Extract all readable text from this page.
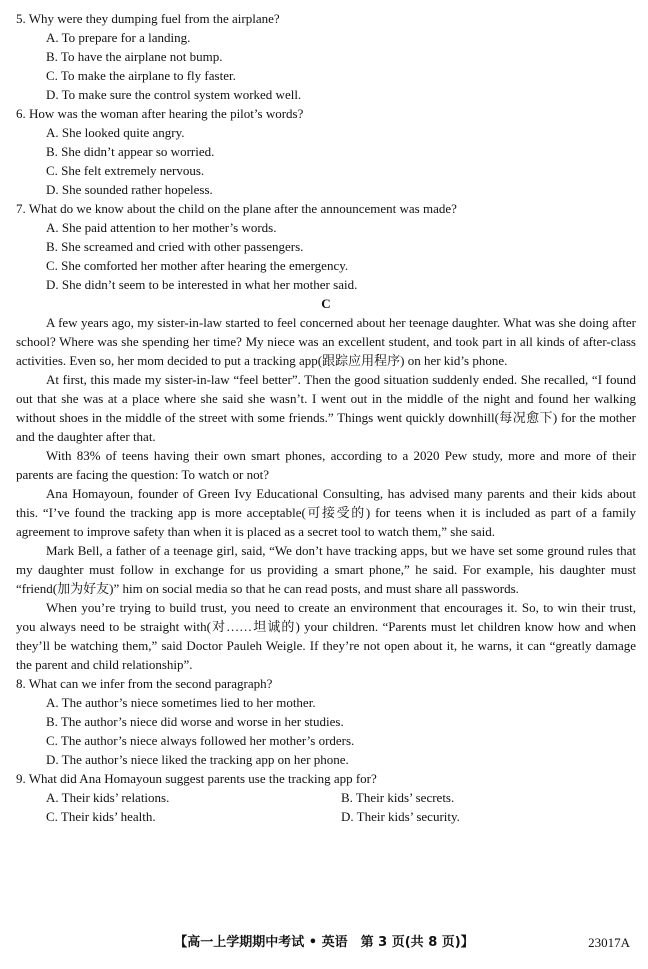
5. Why were they dumping fuel from the airplane?

A. To prepare for a landing.

B. To have the airplane not bump.

C. To make the airplane to fly faster.

D. To make sure the control system worked well.

6. How was the woman after hearing the pilot’s words?

A. She looked quite angry.

B. She didn’t appear so worried.

C. She felt extremely nervous.

D. She sounded rather hopeless.

7. What do we know about the child on the plane after the announcement was made?

A. She paid attention to her mother’s words.

B. She screamed and cried with other passengers.

C. She comforted her mother after hearing the emergency.

D. She didn’t seem to be interested in what her mother said.

C

A few years ago, my sister-in-law started to feel concerned about her teenage daughter. What was she doing after school? Where was she spending her time? My niece was an excellent student, and took part in all kinds of after-class activities. Even so, her mom decided to put a tracking app(跟踪应用程序) on her kid’s phone.

At first, this made my sister-in-law “feel better”. Then the good situation suddenly ended. She recalled, “I found out that she was at a place where she said she wasn’t. I went out in the middle of the night and found her walking without shoes in the middle of the street with some friends.” Things went quickly downhill(每况愈下) for the mother and the daughter after that.

With 83% of teens having their own smart phones, according to a 2020 Pew study, more and more of their parents are facing the question: To watch or not?

Ana Homayoun, founder of Green Ivy Educational Consulting, has advised many parents and their kids about this. “I’ve found the tracking app is more acceptable(可接受的) for teens when it is included as part of a family agreement to improve safety than when it is placed as a secret tool to watch them,” she said.

Mark Bell, a father of a teenage girl, said, “We don’t have tracking apps, but we have set some ground rules that my daughter must follow in exchange for us providing a smart phone,” he said. For example, his daughter must “friend(加为好友)” him on social media so that he can read posts, and must share all passwords.

When you’re trying to build trust, you need to create an environment that encourages it. So, to win their trust, you always need to be straight with(对……坦诚的) your children. “Parents must let children know how and when they’ll be watching them,” said Doctor Pauleh Weigle. If they’re not open about it, he warns, it can “greatly damage the parent and child relationship”.

8. What can we infer from the second paragraph?

A. The author’s niece sometimes lied to her mother.

B. The author’s niece did worse and worse in her studies.

C. The author’s niece always followed her mother’s orders.

D. The author’s niece liked the tracking app on her phone.

9. What did Ana Homayoun suggest parents use the tracking app for?

A. Their kids’ relations.	B. Their kids’ secrets.
C. Their kids’ health.	D. Their kids’ security.
【高一上学期期中考试 • 英语　第 3 页(共 8 页)】	23017A
